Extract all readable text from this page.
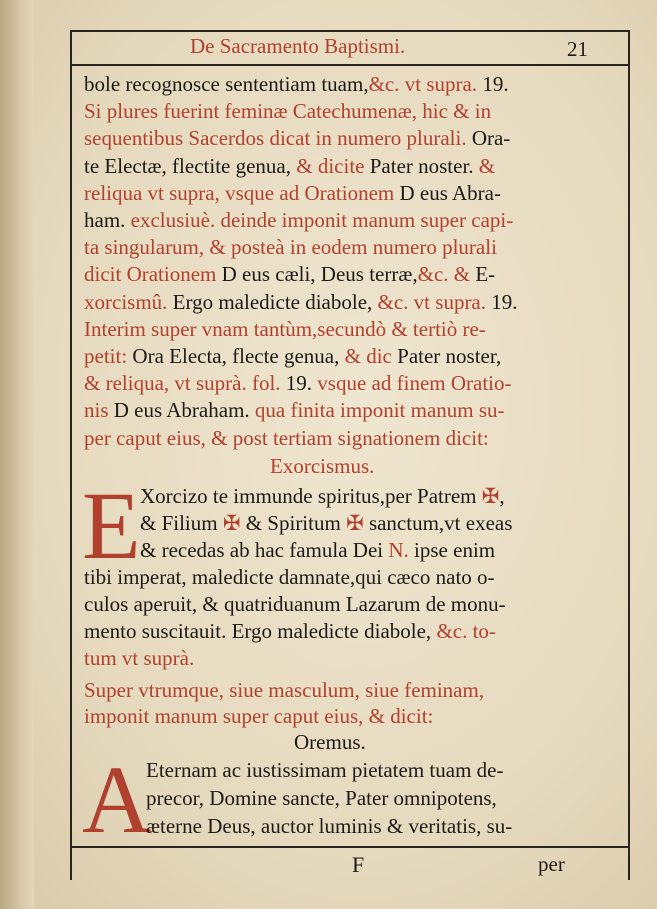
De Sacramento Baptismi.	21
bole recognosce sententiam tuam,&c. vt supra. 19.
Si plures fuerint feminæ Catechumenæ, hic & in
sequentibus Sacerdos dicat in numero plurali. Ora-
te Electæ, flectite genua, & dicite Pater noster. &
reliqua vt supra, vsque ad Orationem D eus Abra-
ham. exclusiuè. deinde imponit manum super capi-
ta singularum, & posteà in eodem numero plurali
dicit Orationem D eus cæli, Deus terræ,&c. & E-
xorcismû. Ergo maledicte diabole, &c. vt supra. 19.
Interim super vnam tantùm,secundò & tertiò re-
petit: Ora Electa, flecte genua, & dic Pater noster,
& reliqua, vt suprà. fol. 19. vsque ad finem Oratio-
nis D eus Abraham. qua finita imponit manum su-
per caput eius, & post tertiam signationem dicit:
Exorcismus.
E Xorcizo te immunde spiritus,per Patrem ✠,
& Filium ✠ & Spiritum ✠ sanctum,vt exeas
& recedas ab hac famula Dei N. ipse enim
tibi imperat, maledicte damnate,qui cæco nato o-
culos aperuit, & quatriduanum Lazarum de monu-
mento suscitauit. Ergo maledicte diabole, &c. to-
tum vt suprà.
Super vtrumque, siue masculum, siue feminam,
imponit manum super caput eius, & dicit:
Oremus.
A
Eternam ac iustissimam pietatem tuam de-
precor, Domine sancte, Pater omnipotens,
æterne Deus, auctor luminis & veritatis, su-
F	per
